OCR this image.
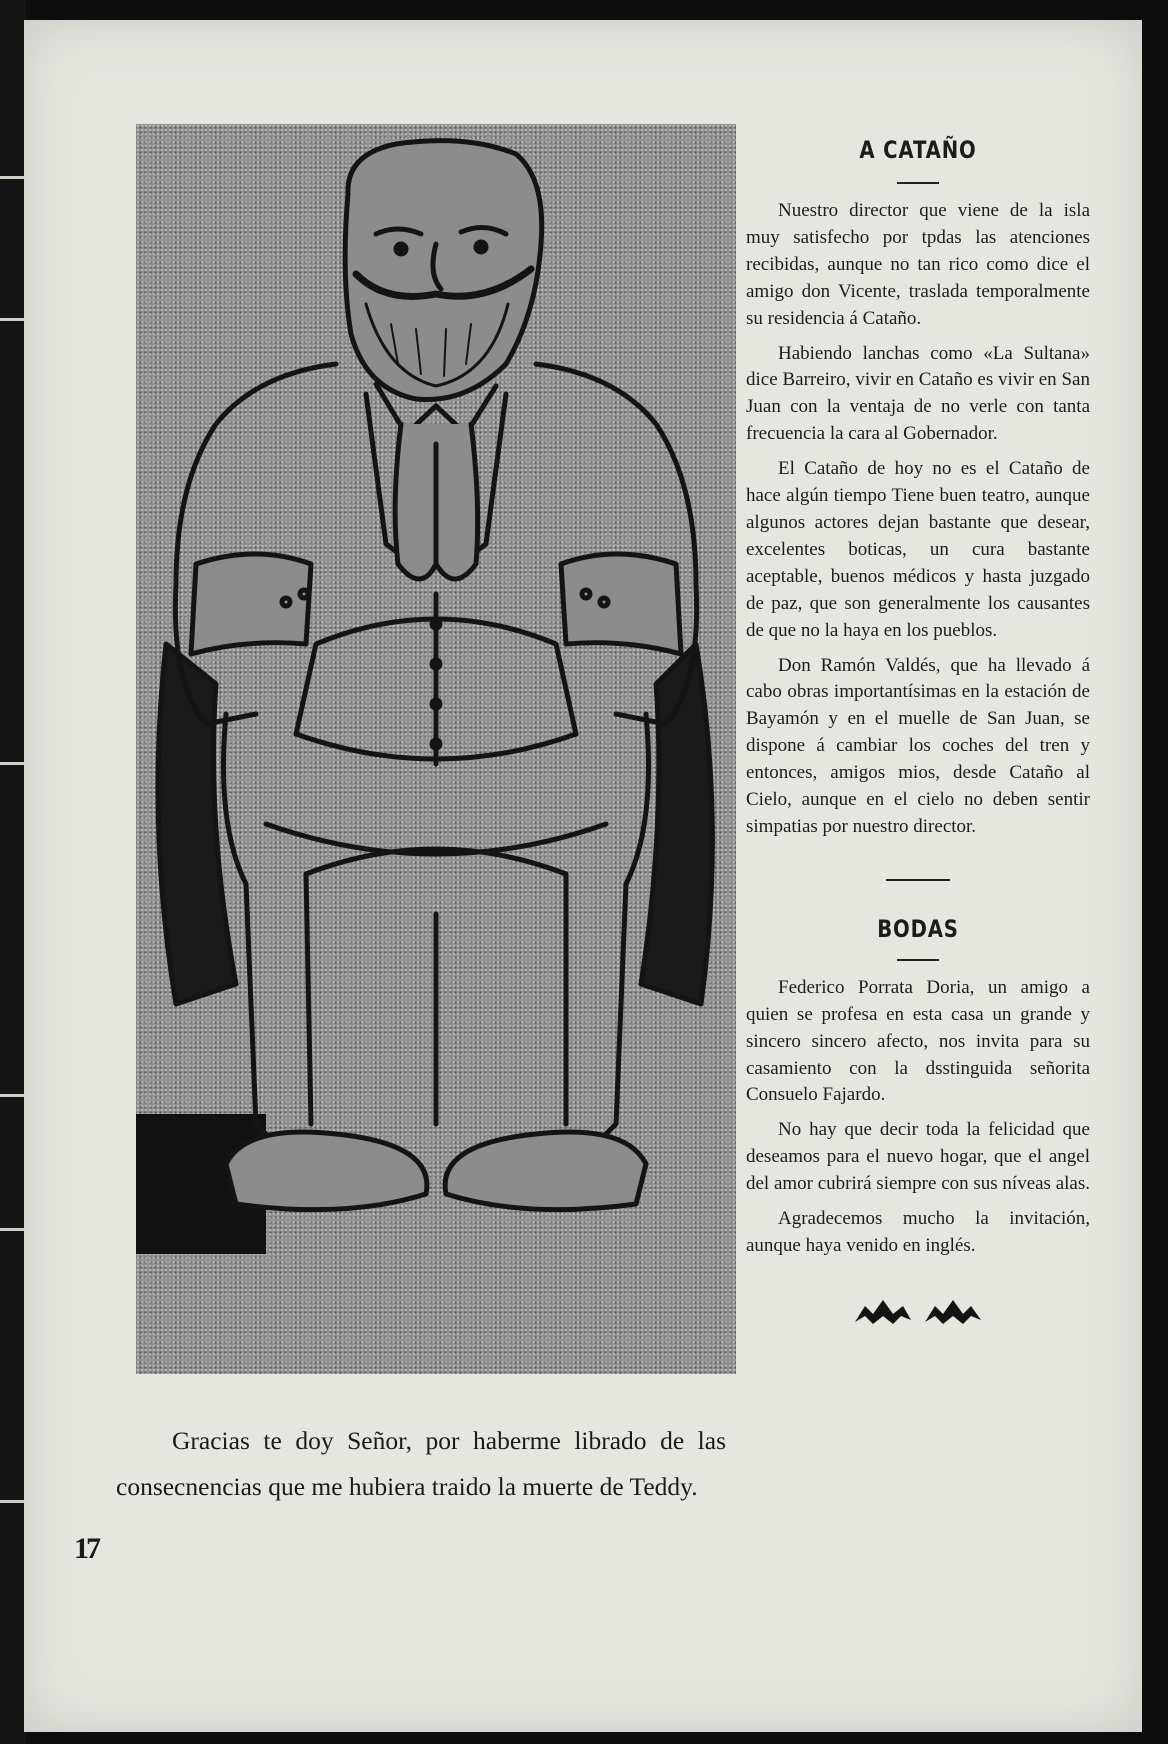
Gracias te doy Señor, por haberme librado de las consecnencias que me hubiera traido la muerte de Teddy.

17
A CATAÑO

Nuestro director que viene de la isla muy satisfecho por tpdas las atenciones recibidas, aunque no tan rico como dice el amigo don Vicente, traslada temporalmente su residencia á Cataño.

Habiendo lanchas como «La Sultana» dice Barreiro, vivir en Cataño es vivir en San Juan con la ventaja de no verle con tanta frecuencia la cara al Gobernador.

El Cataño de hoy no es el Cataño de hace algún tiempo Tiene buen teatro, aunque algunos actores dejan bastante que desear, excelentes boticas, un cura bastante aceptable, buenos médicos y hasta juzgado de paz, que son generalmente los causantes de que no la haya en los pueblos.

Don Ramón Valdés, que ha llevado á cabo obras importantísimas en la estación de Bayamón y en el muelle de San Juan, se dispone á cambiar los coches del tren y entonces, amigos mios, desde Cataño al Cielo, aunque en el cielo no deben sentir simpatias por nuestro director.

BODAS

Federico Porrata Doria, un amigo a quien se profesa en esta casa un grande y sincero sincero afecto, nos invita para su casamiento con la dsstinguida señorita Consuelo Fajardo.

No hay que decir toda la felicidad que deseamos para el nuevo hogar, que el angel del amor cubrirá siempre con sus níveas alas.

Agradecemos mucho la invitación, aunque haya venido en inglés.
